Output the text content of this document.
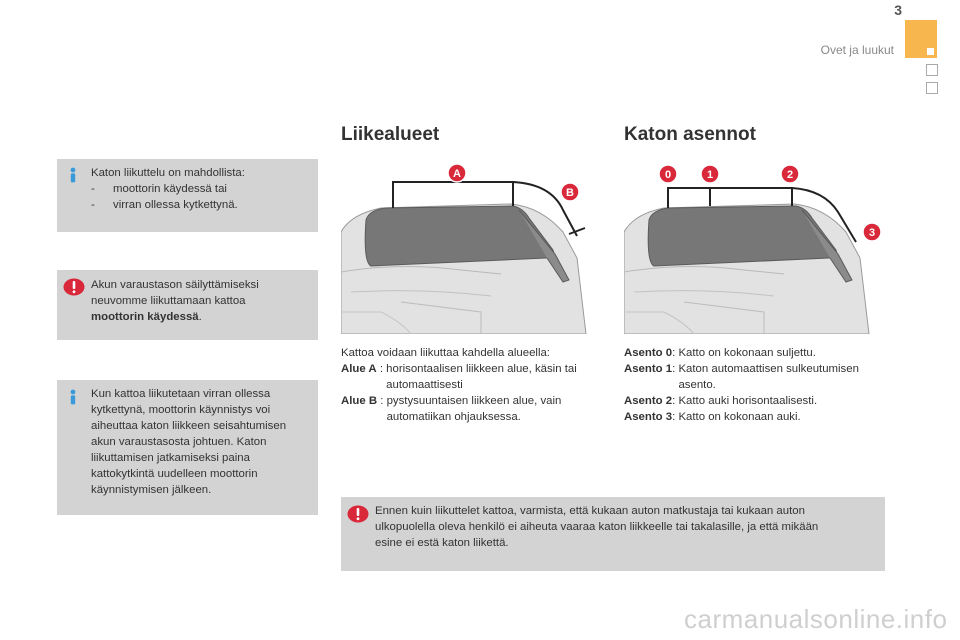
3
Ovet ja luukut
Katon liikuttelu on mahdollista:
-	moottorin käydessä tai
-	virran ollessa kytkettynä.
Akun varaustason säilyttämiseksi
neuvomme liikuttamaan kattoa
moottorin käydessä.
Kun kattoa liikutetaan virran ollessa
kytkettynä, moottorin käynnistys voi
aiheuttaa katon liikkeen seisahtumisen
akun varaustasosta johtuen. Katon
liikuttamisen jatkamiseksi paina
kattokytkintä uudelleen moottorin
käynnistymisen jälkeen.
Liikealueet
A
B
Kattoa voidaan liikuttaa kahdella alueella:
Alue A : horisontaalisen liikkeen alue, käsin tai automaattisesti
Alue B : pystysuuntaisen liikkeen alue, vain automatiikan ohjauksessa.
Katon asennot
0	1	2
3
Asento 0 : Katto on kokonaan suljettu.
Asento 1 : Katon automaattisen sulkeutumisen asento.
Asento 2 : Katto auki horisontaalisesti.
Asento 3 : Katto on kokonaan auki.
Ennen kuin liikuttelet kattoa, varmista, että kukaan auton matkustaja tai kukaan auton
ulkopuolella oleva henkilö ei aiheuta vaaraa katon liikkeelle tai takalasille, ja että mikään
esine ei estä katon liikettä.
carmanualsonline.info
